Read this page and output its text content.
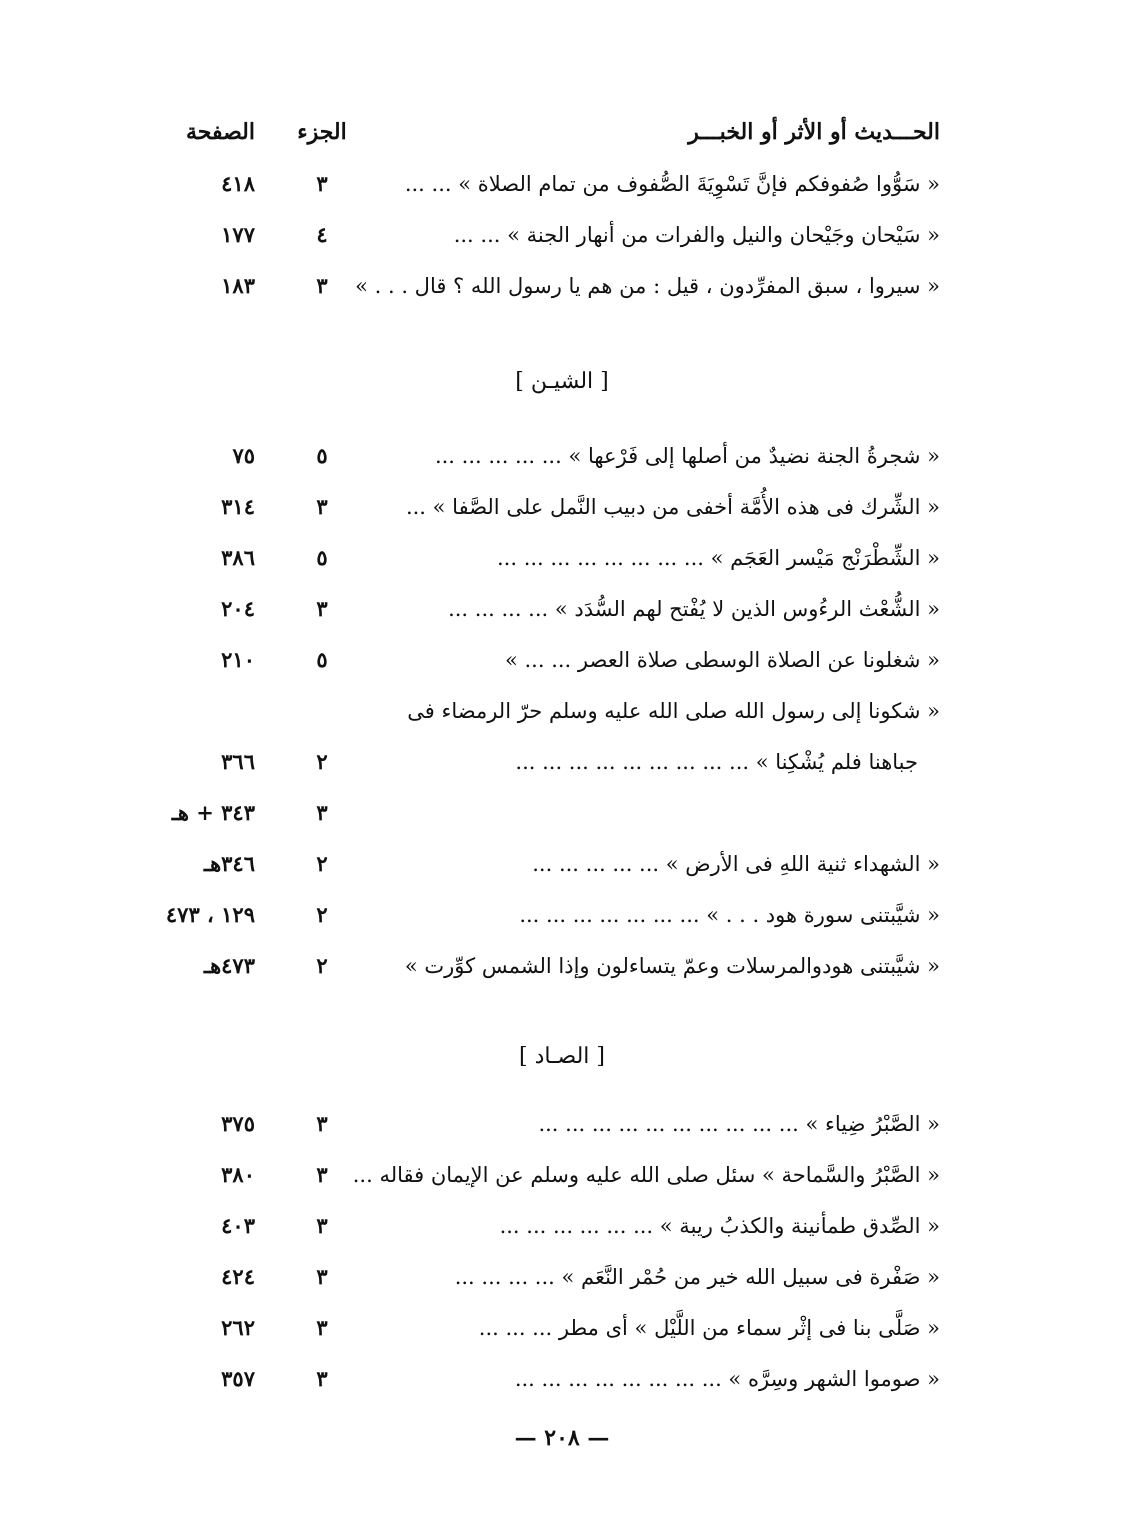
الحـــديث أو الأثر أو الخبـــر
الجزء
الصفحة
« سَوُّوا صُفوفكم فإنَّ تَسْوِيَةَ الصُّفوف من تمام الصلاة » ... ...
٣
٤١٨
« سَيْحان وجَيْحان والنيل والفرات من أنهار الجنة » ... ...
٤
١٧٧
« سيروا ، سبق المفرِّدون ، قيل : من هم يا رسول الله ؟ قال . . . »
٣
١٨٣
[ الشيـن ]
« شجرةُ الجنة نضيدٌ من أصلها إلى فَرْعها » ... ... ... ... ...
٥
٧٥
« الشِّرك فى هذه الأُمَّة أخفى من دبيب النَّمل على الصَّفا » ...
٣
٣١٤
« الشِّطْرَنْج مَيْسر العَجَم » ... ... ... ... ... ... ... ...
٥
٣٨٦
« الشُّعْث الرءُوس الذين لا يُفْتح لهم السُّدَد » ... ... ... ...
٣
٢٠٤
« شغلونا عن الصلاة الوسطى صلاة العصر ... ... »
٥
٢١٠
« شكونا إلى رسول الله صلى الله عليه وسلم حرّ الرمضاء فى
جباهنا فلم يُشْكِنا » ... ... ... ... ... ... ... ... ...
٢
٣٦٦
٣
٣٤٣ + هـ
« الشهداء ثنية اللهِ فى الأرض » ... ... ... ... ...
٢
٣٤٦هـ
« شيَّبتنى سورة هود . . . » ... ... ... ... ... ... ...
٢
١٢٩ ، ٤٧٣
« شيَّبتنى هودوالمرسلات وعمّ يتساءلون وإذا الشمس كوِّرت »
٢
٤٧٣هـ
[ الصـاد ]
« الصَّبْرُ ضِياء » ... ... ... ... ... ... ... ... ... ...
٣
٣٧٥
« الصَّبْرُ والسَّماحة » سئل صلى الله عليه وسلم عن الإيمان فقاله ...
٣
٣٨٠
« الصِّدق طمأنينة والكذبُ ريبة » ... ... ... ... ... ...
٣
٤٠٣
« صَفْرة فى سبيل الله خير من حُمْر النَّعَم » ... ... ... ...
٣
٤٢٤
« صَلَّى بنا فى إثْر سماء من اللَّيْل » أى مطر ... ... ...
٣
٢٦٢
« صوموا الشهر وسِرَّه » ... ... ... ... ... ... ... ...
٣
٣٥٧
— ٢٠٨ —
